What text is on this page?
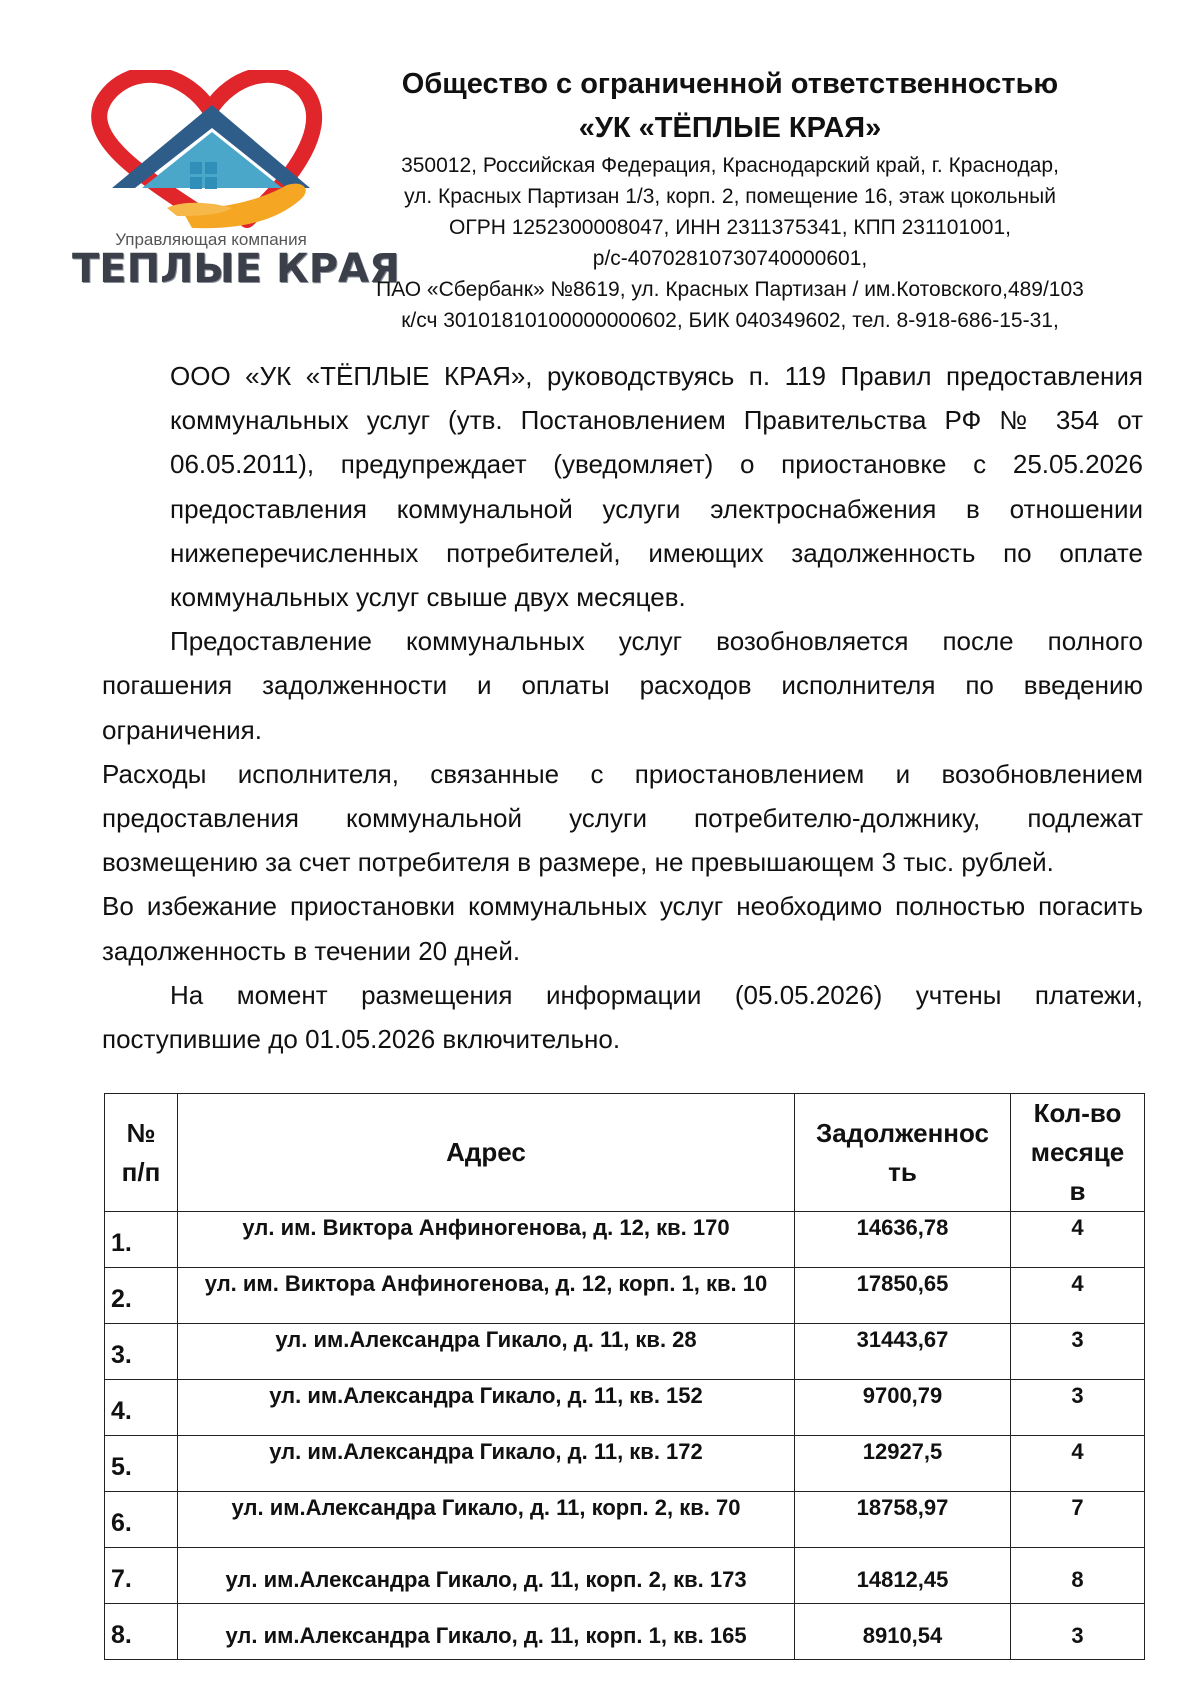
Управляющая компания
ТЕПЛЫЕ КРАЯ
Общество с ограниченной ответственностью
«УК «ТЁПЛЫЕ КРАЯ»
350012, Российская Федерация, Краснодарский край, г. Краснодар,
ул. Красных Партизан 1/3, корп. 2, помещение 16, этаж цокольный
ОГРН 1252300008047, ИНН 2311375341, КПП 231101001,
р/с-40702810730740000601,
ПАО «Сбербанк» №8619, ул. Красных Партизан / им.Котовского,489/103
к/сч 30101810100000000602, БИК 040349602, тел. 8-918-686-15-31,

ООО «УК «ТЁПЛЫЕ КРАЯ», руководствуясь п. 119 Правил предоставления коммунальных услуг (утв. Постановлением Правительства РФ № 354 от 06.05.2011), предупреждает (уведомляет) о приостановке с 25.05.2026 предоставления коммунальной услуги электроснабжения в отношении нижеперечисленных потребителей, имеющих задолженность по оплате коммунальных услуг свыше двух месяцев.

Предоставление коммунальных услуг возобновляется после полного погашения задолженности и оплаты расходов исполнителя по введению ограничения.

Расходы исполнителя, связанные с приостановлением и возобновлением предоставления коммунальной услуги потребителю-должнику, подлежат возмещению за счет потребителя в размере, не превышающем 3 тыс. рублей.

Во избежание приостановки коммунальных услуг необходимо полностью погасить задолженность в течении 20 дней.

На момент размещения информации (05.05.2026) учтены платежи, поступившие до 01.05.2026 включительно.

№ п/п	Адрес	Задолженность	Кол-во месяцев
1.	ул. им. Виктора Анфиногенова, д. 12, кв. 170	14636,78	4
2.	ул. им. Виктора Анфиногенова, д. 12, корп. 1, кв. 10	17850,65	4
3.	ул. им.Александра Гикало, д. 11, кв. 28	31443,67	3
4.	ул. им.Александра Гикало, д. 11, кв. 152	9700,79	3
5.	ул. им.Александра Гикало, д. 11, кв. 172	12927,5	4
6.	ул. им.Александра Гикало, д. 11, корп. 2, кв. 70	18758,97	7
7.	ул. им.Александра Гикало, д. 11, корп. 2, кв. 173	14812,45	8
8.	ул. им.Александра Гикало, д. 11, корп. 1, кв. 165	8910,54	3
